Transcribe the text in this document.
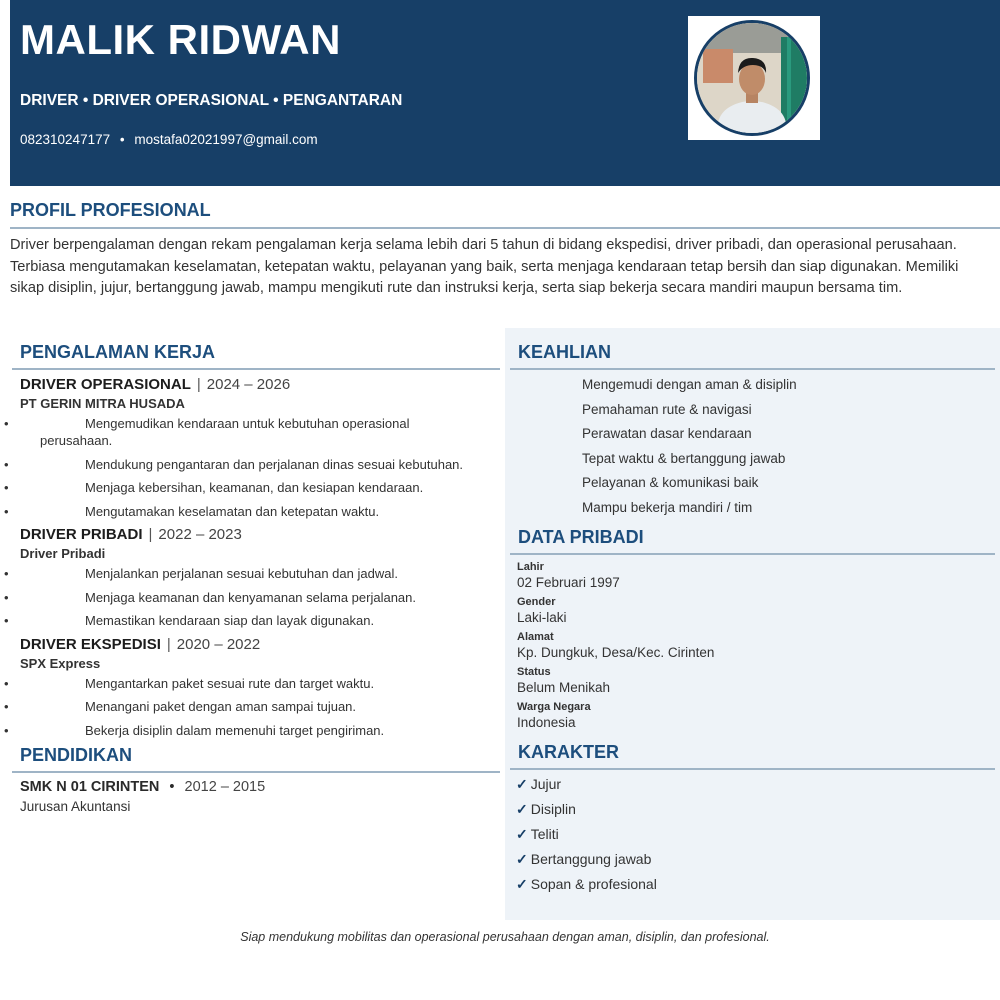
MALIK RIDWAN
DRIVER • DRIVER OPERASIONAL • PENGANTARAN
082310247177 • mostafa02021997@gmail.com
PROFIL PROFESIONAL
Driver berpengalaman dengan rekam pengalaman kerja selama lebih dari 5 tahun di bidang ekspedisi, driver pribadi, dan operasional perusahaan. Terbiasa mengutamakan keselamatan, ketepatan waktu, pelayanan yang baik, serta menjaga kendaraan tetap bersih dan siap digunakan. Memiliki sikap disiplin, jujur, bertanggung jawab, mampu mengikuti rute dan instruksi kerja, serta siap bekerja secara mandiri maupun bersama tim.
PENGALAMAN KERJA
DRIVER OPERASIONAL | 2024 – 2026
PT GERIN MITRA HUSADA
• Mengemudikan kendaraan untuk kebutuhan operasional perusahaan.
• Mendukung pengantaran dan perjalanan dinas sesuai kebutuhan.
• Menjaga kebersihan, keamanan, dan kesiapan kendaraan.
• Mengutamakan keselamatan dan ketepatan waktu.
DRIVER PRIBADI | 2022 – 2023
Driver Pribadi
• Menjalankan perjalanan sesuai kebutuhan dan jadwal.
• Menjaga keamanan dan kenyamanan selama perjalanan.
• Memastikan kendaraan siap dan layak digunakan.
DRIVER EKSPEDISI | 2020 – 2022
SPX Express
• Mengantarkan paket sesuai rute dan target waktu.
• Menangani paket dengan aman sampai tujuan.
• Bekerja disiplin dalam memenuhi target pengiriman.
PENDIDIKAN
SMK N 01 CIRINTEN • 2012 – 2015
Jurusan Akuntansi
KEAHLIAN
Mengemudi dengan aman & disiplin
Pemahaman rute & navigasi
Perawatan dasar kendaraan
Tepat waktu & bertanggung jawab
Pelayanan & komunikasi baik
Mampu bekerja mandiri / tim
DATA PRIBADI
Lahir
02 Februari 1997
Gender
Laki-laki
Alamat
Kp. Dungkuk, Desa/Kec. Cirinten
Status
Belum Menikah
Warga Negara
Indonesia
KARAKTER
✓ Jujur
✓ Disiplin
✓ Teliti
✓ Bertanggung jawab
✓ Sopan & profesional
Siap mendukung mobilitas dan operasional perusahaan dengan aman, disiplin, dan profesional.
